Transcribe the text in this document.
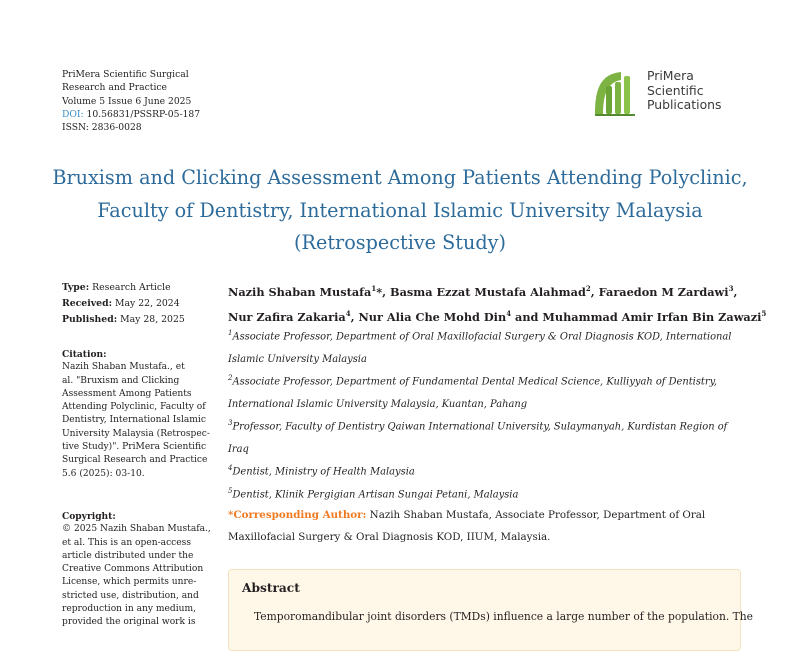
PriMera Scientific Surgical
Research and Practice
Volume 5 Issue 6 June 2025
DOI: 10.56831/PSSRP-05-187
ISSN: 2836-0028
PriMera
Scientific
Publications
Bruxism and Clicking Assessment Among Patients Attending Polyclinic,
Faculty of Dentistry, International Islamic University Malaysia
(Retrospective Study)
Type: Research Article
Received: May 22, 2024
Published: May 28, 2025
Citation:
Nazih Shaban Mustafa., et
al. "Bruxism and Clicking
Assessment Among Patients
Attending Polyclinic, Faculty of
Dentistry, International Islamic
University Malaysia (Retrospec-
tive Study)". PriMera Scientific
Surgical Research and Practice
5.6 (2025): 03-10.
Copyright:
© 2025 Nazih Shaban Mustafa.,
et al. This is an open-access
article distributed under the
Creative Commons Attribution
License, which permits unre-
stricted use, distribution, and
reproduction in any medium,
provided the original work is
Nazih Shaban Mustafa$^1$*, Basma Ezzat Mustafa Alahmad$^2$, Faraedon M Zardawi$^3$,
Nur Zafira Zakaria$^4$, Nur Alia Che Mohd Din$^4$ and Muhammad Amir Irfan Bin Zawazi$^5$
$^1$Associate Professor, Department of Oral Maxillofacial Surgery & Oral Diagnosis KOD, International
Islamic University Malaysia
$^2$Associate Professor, Department of Fundamental Dental Medical Science, Kulliyyah of Dentistry,
International Islamic University Malaysia, Kuantan, Pahang
$^3$Professor, Faculty of Dentistry Qaiwan International University, Sulaymanyah, Kurdistan Region of
Iraq
$^4$Dentist, Ministry of Health Malaysia
$^5$Dentist, Klinik Pergigian Artisan Sungai Petani, Malaysia
*Corresponding Author: Nazih Shaban Mustafa, Associate Professor, Department of Oral
Maxillofacial Surgery & Oral Diagnosis KOD, IIUM, Malaysia.
Abstract
Temporomandibular joint disorders (TMDs) influence a large number of the population. The
